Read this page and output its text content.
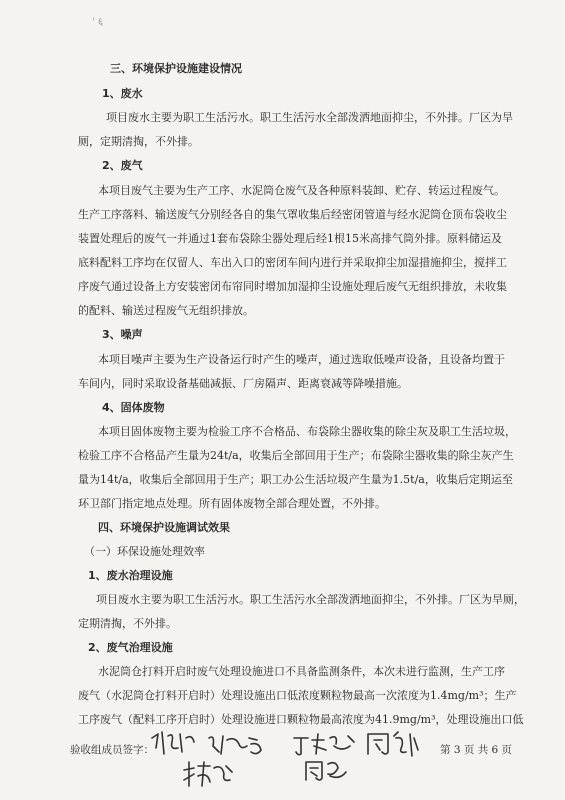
' ६
三、环境保护设施建设情况
1、废水
项目废水主要为职工生活污水。职工生活污水全部泼洒地面抑尘，不外排。厂区为旱
厕，定期清掏，不外排。
2、废气
本项目废气主要为生产工序、水泥筒仓废气及各种原料装卸、贮存、转运过程废气。
生产工序落料、输送废气分别经各自的集气罩收集后经密闭管道与经水泥筒仓顶布袋收尘
装置处理后的废气一并通过1套布袋除尘器处理后经1根15米高排气筒外排。原料储运及
底料配料工序均在仅留人、车出入口的密闭车间内进行并采取抑尘加湿措施抑尘，搅拌工
序废气通过设备上方安装密闭布帘同时增加加湿抑尘设施处理后废气无组织排放，未收集
的配料、输送过程废气无组织排放。
3、噪声
本项目噪声主要为生产设备运行时产生的噪声，通过选取低噪声设备，且设备均置于
车间内，同时采取设备基础减振、厂房隔声、距离衰减等降噪措施。
4、固体废物
本项目固体废物主要为检验工序不合格品、布袋除尘器收集的除尘灰及职工生活垃圾，
检验工序不合格品产生量为24t/a，收集后全部回用于生产；布袋除尘器收集的除尘灰产生
量为14t/a，收集后全部回用于生产；职工办公生活垃圾产生量为1.5t/a，收集后定期运至
环卫部门指定地点处理。所有固体废物全部合理处置，不外排。
四、环境保护设施调试效果
（一）环保设施处理效率
1、废水治理设施
项目废水主要为职工生活污水。职工生活污水全部泼洒地面抑尘，不外排。厂区为旱厕，
定期清掏，不外排。
2、废气治理设施
水泥筒仓打料开启时废气处理设施进口不具备监测条件，本次未进行监测，生产工序
废气（水泥筒仓打料开启时）处理设施出口低浓度颗粒物最高一次浓度为1.4mg/m³；生产
工序废气（配料工序开启时）处理设施进口颗粒物最高浓度为41.9mg/m³，处理设施出口低
验收组成员签字：	第 3 页 共 6 页
